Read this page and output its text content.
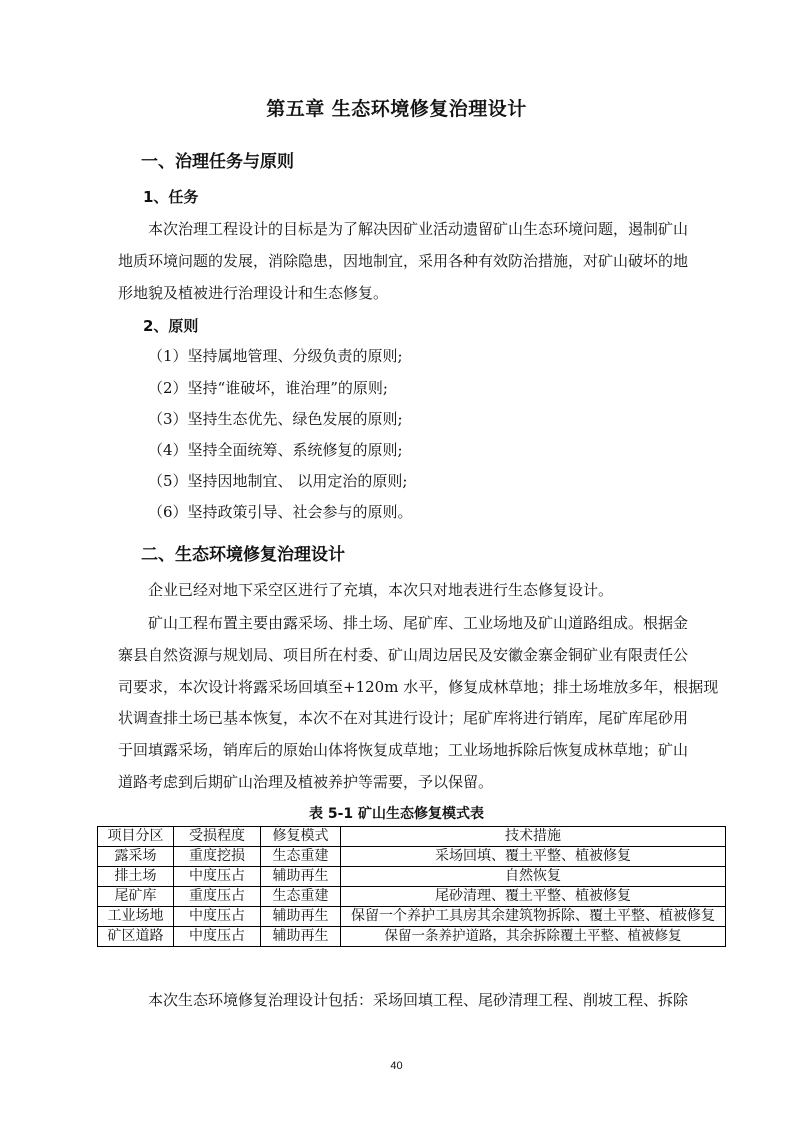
第五章 生态环境修复治理设计
一、治理任务与原则
1、任务
本次治理工程设计的目标是为了解决因矿业活动遗留矿山生态环境问题，遏制矿山
地质环境问题的发展，消除隐患，因地制宜，采用各种有效防治措施，对矿山破坏的地
形地貌及植被进行治理设计和生态修复。
2、原则
（1）坚持属地管理、分级负责的原则;
（2）坚持“谁破坏，谁治理”的原则;
（3）坚持生态优先、绿色发展的原则;
（4）坚持全面统筹、系统修复的原则;
（5）坚持因地制宜、 以用定治的原则;
（6）坚持政策引导、社会参与的原则。
二、生态环境修复治理设计
企业已经对地下采空区进行了充填，本次只对地表进行生态修复设计。
矿山工程布置主要由露采场、排土场、尾矿库、工业场地及矿山道路组成。根据金
寨县自然资源与规划局、项目所在村委、矿山周边居民及安徽金寨金铜矿业有限责任公
司要求，本次设计将露采场回填至+120m 水平，修复成林草地；排土场堆放多年，根据现
状调查排土场已基本恢复，本次不在对其进行设计；尾矿库将进行销库，尾矿库尾砂用
于回填露采场，销库后的原始山体将恢复成草地；工业场地拆除后恢复成林草地；矿山
道路考虑到后期矿山治理及植被养护等需要，予以保留。
表 5-1 矿山生态修复模式表
项目分区	受损程度	修复模式	技术措施
露采场	重度挖损	生态重建	采场回填、覆土平整、植被修复
排土场	中度压占	辅助再生	自然恢复
尾矿库	重度压占	生态重建	尾砂清理、覆土平整、植被修复
工业场地	中度压占	辅助再生	保留一个养护工具房其余建筑物拆除、覆土平整、植被修复
矿区道路	中度压占	辅助再生	保留一条养护道路，其余拆除覆土平整、植被修复
本次生态环境修复治理设计包括：采场回填工程、尾砂清理工程、削坡工程、拆除
40
